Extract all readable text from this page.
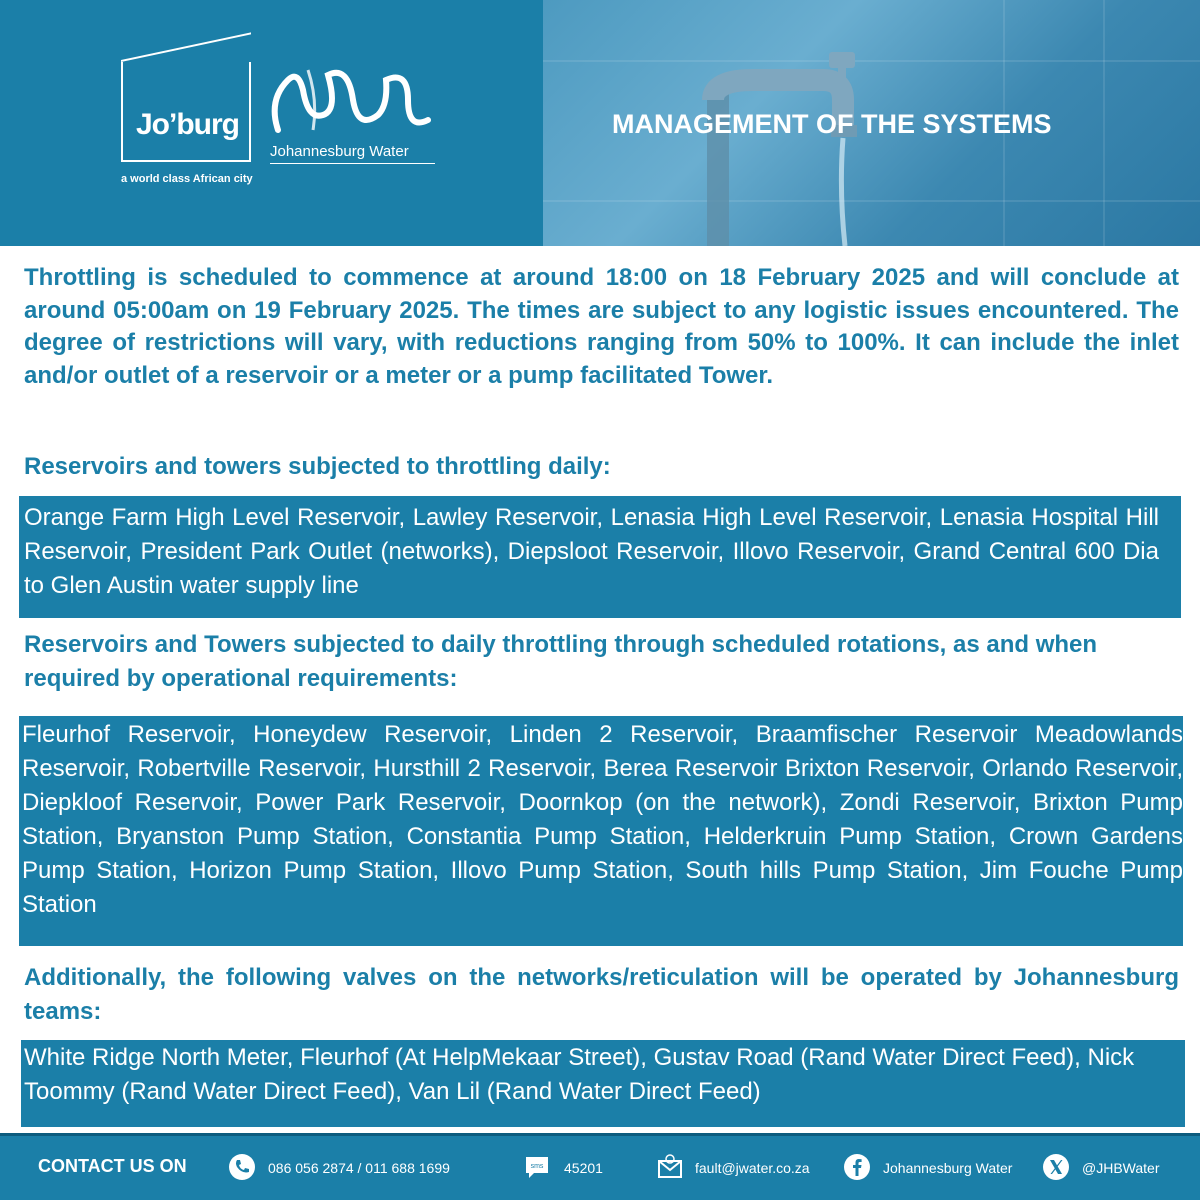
Jo’burg
a world class African city
Johannesburg Water
MANAGEMENT OF THE SYSTEMS

Throttling is scheduled to commence at around 18:00 on 18 February 2025 and will conclude at around 05:00am on 19 February 2025. The times are subject to any logistic issues encountered. The degree of restrictions will vary, with reductions ranging from 50% to 100%. It can include the inlet and/or outlet of a reservoir or a meter or a pump facilitated Tower.

Reservoirs and towers subjected to throttling daily:

Orange Farm High Level Reservoir, Lawley Reservoir, Lenasia High Level Reservoir, Lenasia Hospital Hill Reservoir, President Park Outlet (networks), Diepsloot Reservoir, Illovo Reservoir, Grand Central 600 Dia to Glen Austin water supply line

Reservoirs and Towers subjected to daily throttling through scheduled rotations, as and when required by operational requirements:

Fleurhof Reservoir, Honeydew Reservoir, Linden 2 Reservoir, Braamfischer Reservoir Meadowlands Reservoir, Robertville Reservoir, Hursthill 2 Reservoir, Berea Reservoir Brixton Reservoir, Orlando Reservoir, Diepkloof Reservoir, Power Park Reservoir, Doornkop (on the network), Zondi Reservoir, Brixton Pump Station, Bryanston Pump Station, Constantia Pump Station, Helderkruin Pump Station, Crown Gardens Pump Station, Horizon Pump Station, Illovo Pump Station, South hills Pump Station, Jim Fouche Pump Station

Additionally, the following valves on the networks/reticulation will be operated by Johannesburg teams:

White Ridge North Meter, Fleurhof (At HelpMekaar Street), Gustav Road (Rand Water Direct Feed), Nick Toommy (Rand Water Direct Feed), Van Lil (Rand Water Direct Feed)

CONTACT US ON	086 056 2874 / 011 688 1699	sms 45201	fault@jwater.co.za	Johannesburg Water	@JHBWater
